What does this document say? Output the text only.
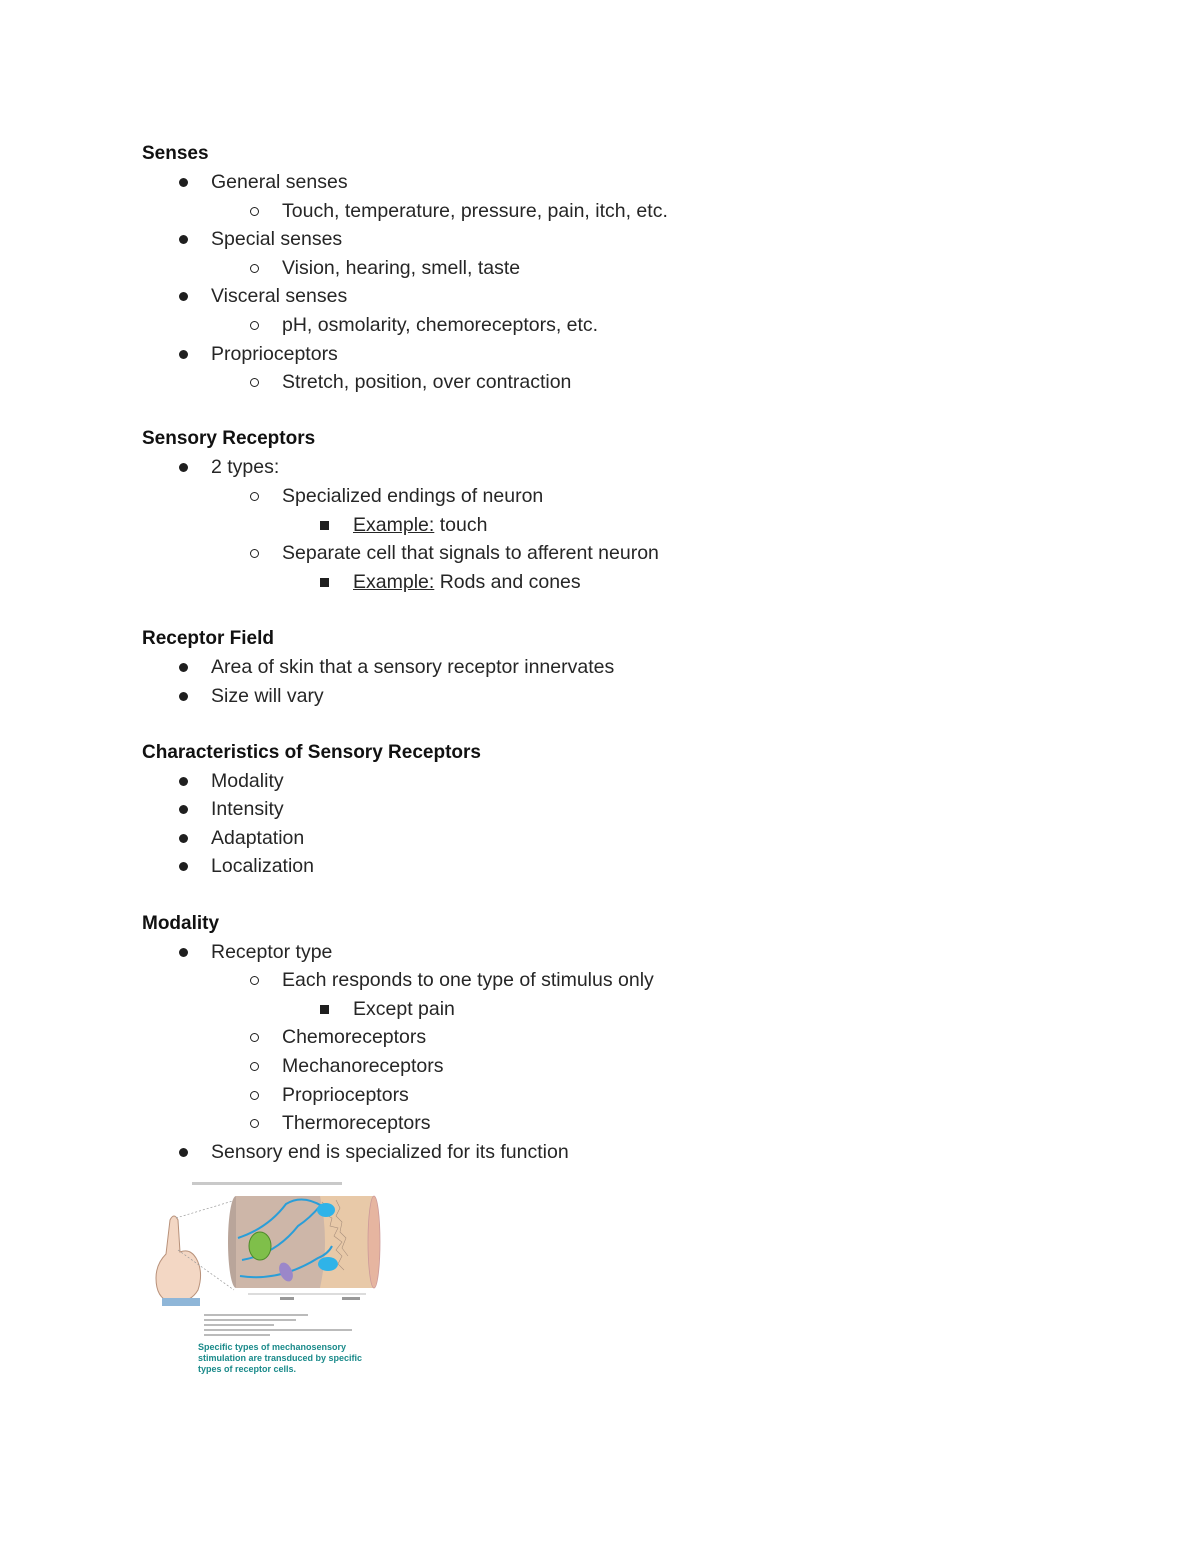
Senses
General senses
Touch, temperature, pressure, pain, itch, etc.
Special senses
Vision, hearing, smell, taste
Visceral senses
pH, osmolarity, chemoreceptors, etc.
Proprioceptors
Stretch, position, over contraction
Sensory Receptors
2 types:
Specialized endings of neuron
Example: touch
Separate cell that signals to afferent neuron
Example: Rods and cones
Receptor Field
Area of skin that a sensory receptor innervates
Size will vary
Characteristics of Sensory Receptors
Modality
Intensity
Adaptation
Localization
Modality
Receptor type
Each responds to one type of stimulus only
Except pain
Chemoreceptors
Mechanoreceptors
Proprioceptors
Thermoreceptors
Sensory end is specialized for its function
Specific types of mechanosensory stimulation are transduced by specific types of receptor cells.
